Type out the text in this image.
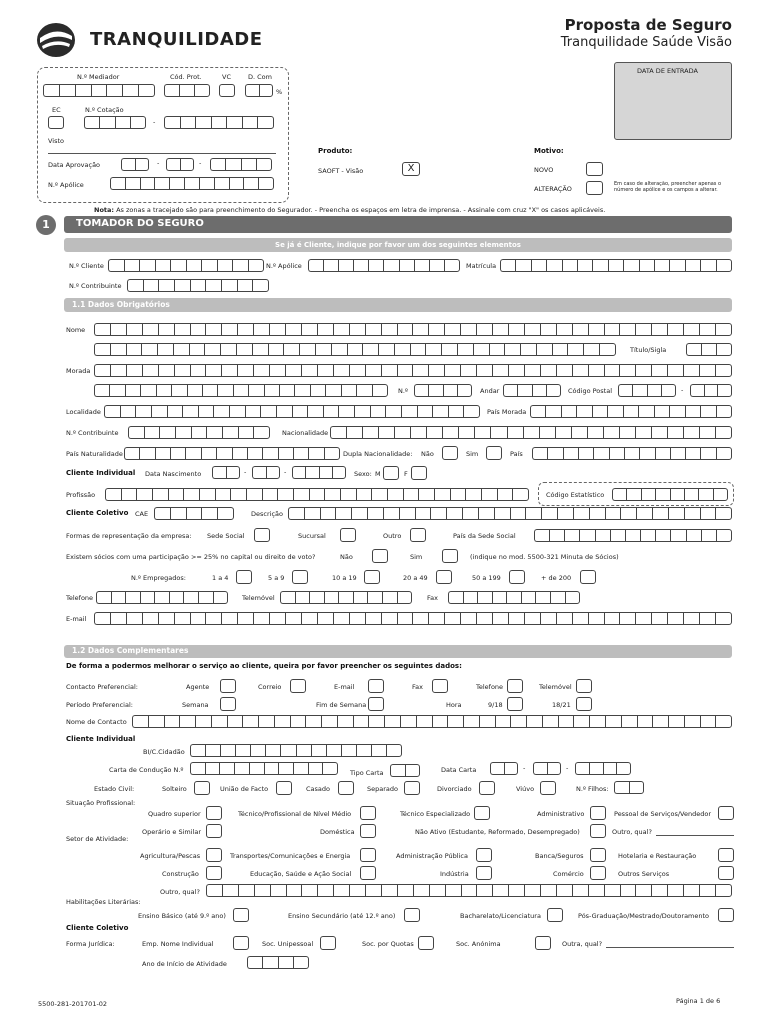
TRANQUILIDADE
Proposta de Seguro
Tranquilidade Saúde Visão
N.º Mediador	Cód. Prot.	VC	D. Com
%
EC	N.º Cotação
-
Visto
Data Aprovação	-	-
N.º Apólice
DATA DE ENTRADA
Produto:
SAOFT - Visão	X
Motivo:
NOVO
ALTERAÇÃO
Em caso de alteração, preencher apenas o número de apólice e os campos a alterar.
Nota: As zonas a tracejado são para preenchimento do Segurador. - Preencha os espaços em letra de imprensa. - Assinale com cruz "X" os casos aplicáveis.
1	TOMADOR DO SEGURO
Se já é Cliente, indique por favor um dos seguintes elementos
N.º Cliente	N.º Apólice	Matrícula
N.º Contribuinte
1.1 Dados Obrigatórios
Nome
Título/Sigla
Morada
N.º	Andar	Código Postal	-
Localidade	País Morada
N.º Contribuinte	Nacionalidade
País Naturalidade	Dupla Nacionalidade: Não	Sim	País
Cliente Individual Data Nascimento	-	-	Sexo: M	F
Profissão	Código Estatístico
Cliente Coletivo CAE	Descrição
Formas de representação da empresa: Sede Social	Sucursal	Outro	País da Sede Social
Existem sócios com uma participação >= 25% no capital ou direito de voto?	Não	Sim	(indique no mod. 5500-321 Minuta de Sócios)
N.º Empregados:	1 a 4	5 a 9	10 a 19	20 a 49	50 a 199	+ de 200
Telefone	Telemóvel	Fax
E-mail
1.2 Dados Complementares
De forma a podermos melhorar o serviço ao cliente, queira por favor preencher os seguintes dados:
Contacto Preferencial:	Agente	Correio	E-mail	Fax	Telefone	Telemóvel
Período Preferencial:	Semana	Fim de Semana	Hora	9/18	18/21
Nome de Contacto
Cliente Individual
BI/C.Cidadão
Carta de Condução N.º	Tipo Carta	Data Carta	-	-
Estado Civil:	Solteiro	União de Facto	Casado	Separado	Divorciado	Viúvo	N.º Filhos:
Situação Profissional:
Quadro superior	Técnico/Profissional de Nível Médio	Técnico Especializado	Administrativo	Pessoal de Serviços/Vendedor
Operário e Similar	Doméstica	Não Ativo (Estudante, Reformado, Desempregado)	Outro, qual?
Setor de Atividade:
Agricultura/Pescas	Transportes/Comunicações e Energia	Administração Pública	Banca/Seguros	Hotelaria e Restauração
Construção	Educação, Saúde e Ação Social	Indústria	Comércio	Outros Serviços
Outro, qual?
Habilitações Literárias:
Ensino Básico (até 9.º ano)	Ensino Secundário (até 12.º ano)	Bacharelato/Licenciatura	Pós-Graduação/Mestrado/Doutoramento
Cliente Coletivo
Forma Jurídica:	Emp. Nome Individual	Soc. Unipessoal	Soc. por Quotas	Soc. Anónima	Outra, qual?
Ano de Início de Atividade
5500-281-201701-02	Página 1 de 6
